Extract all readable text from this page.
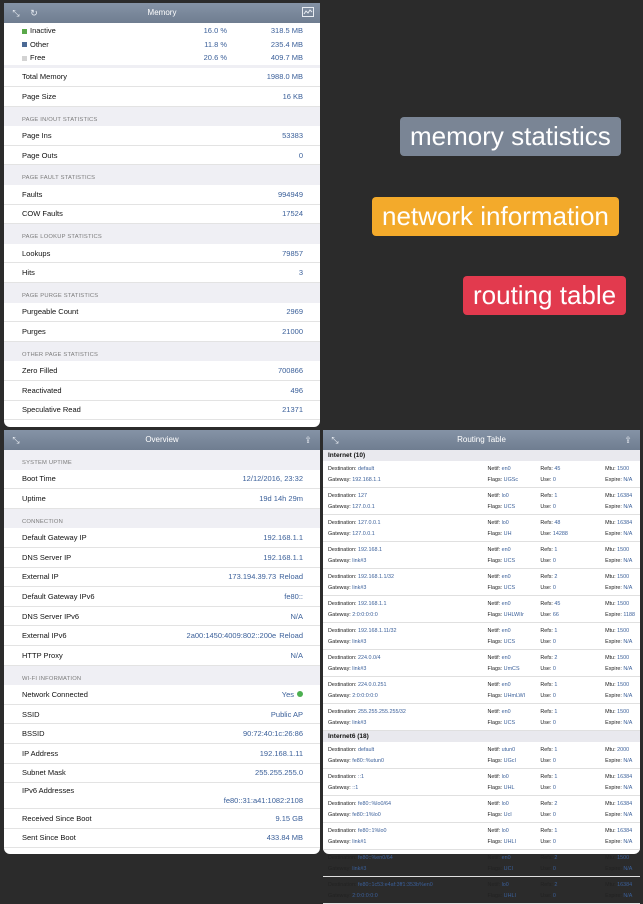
⤡ ↻	Memory
Inactive	16.0 %	318.5 MB
Other	11.8 %	235.4 MB
Free	20.6 %	409.7 MB
Total Memory	1988.0 MB
Page Size	16 KB
PAGE IN/OUT STATISTICS
Page Ins	53383
Page Outs	0
PAGE FAULT STATISTICS
Faults	994949
COW Faults	17524
PAGE LOOKUP STATISTICS
Lookups	79857
Hits	3
PAGE PURGE STATISTICS
Purgeable Count	2969
Purges	21000
OTHER PAGE STATISTICS
Zero Filled	700866
Reactivated	496
Speculative Read	21371
memory statistics
network information
routing table
⤡	Overview	⇪
SYSTEM UPTIME
Boot Time	12/12/2016, 23:32
Uptime	19d 14h 29m
CONNECTION
Default Gateway IP	192.168.1.1
DNS Server IP	192.168.1.1
External IP	173.194.39.73 Reload
Default Gateway IPv6	fe80::
DNS Server IPv6	N/A
External IPv6	2a00:1450:4009:802::200e Reload
HTTP Proxy	N/A
WI-FI INFORMATION
Network Connected	Yes
SSID	Public AP
BSSID	90:72:40:1c:26:86
IP Address	192.168.1.11
Subnet Mask	255.255.255.0
IPv6 Addresses
fe80::31:a41:1082:2108
Received Since Boot	9.15 GB
Sent Since Boot	433.84 MB
⤡	Routing Table	⇪
Internet (10)
Destination: default	Netif: en0	Refs: 45	Mtu: 1500
Gateway: 192.168.1.1	Flags: UGSc	Use: 0	Expire: N/A
Destination: 127	Netif: lo0	Refs: 1	Mtu: 16384
Gateway: 127.0.0.1	Flags: UCS	Use: 0	Expire: N/A
Destination: 127.0.0.1	Netif: lo0	Refs: 48	Mtu: 16384
Gateway: 127.0.0.1	Flags: UH	Use: 14288	Expire: N/A
Destination: 192.168.1	Netif: en0	Refs: 1	Mtu: 1500
Gateway: link#3	Flags: UCS	Use: 0	Expire: N/A
Destination: 192.168.1.1/32	Netif: en0	Refs: 2	Mtu: 1500
Gateway: link#3	Flags: UCS	Use: 0	Expire: N/A
Destination: 192.168.1.1	Netif: en0	Refs: 45	Mtu: 1500
Gateway: 2:0:0:0:0:0	Flags: UHLWIIr	Use: 66	Expire: 1188
Destination: 192.168.1.11/32	Netif: en0	Refs: 1	Mtu: 1500
Gateway: link#3	Flags: UCS	Use: 0	Expire: N/A
Destination: 224.0.0/4	Netif: en0	Refs: 2	Mtu: 1500
Gateway: link#3	Flags: UmCS	Use: 0	Expire: N/A
Destination: 224.0.0.251	Netif: en0	Refs: 1	Mtu: 1500
Gateway: 2:0:0:0:0:0	Flags: UHmLWI	Use: 0	Expire: N/A
Destination: 255.255.255.255/32	Netif: en0	Refs: 1	Mtu: 1500
Gateway: link#3	Flags: UCS	Use: 0	Expire: N/A
Internet6 (18)
Destination: default	Netif: utun0	Refs: 1	Mtu: 2000
Gateway: fe80::%utun0	Flags: UGcI	Use: 0	Expire: N/A
Destination: ::1	Netif: lo0	Refs: 1	Mtu: 16384
Gateway: ::1	Flags: UHL	Use: 0	Expire: N/A
Destination: fe80::%lo0/64	Netif: lo0	Refs: 2	Mtu: 16384
Gateway: fe80::1%lo0	Flags: UcI	Use: 0	Expire: N/A
Destination: fe80::1%lo0	Netif: lo0	Refs: 1	Mtu: 16384
Gateway: link#1	Flags: UHLI	Use: 0	Expire: N/A
Destination: fe80::%en0/64	Netif: en0	Refs: 2	Mtu: 1500
Gateway: link#3	Flags: UCI	Use: 0	Expire: N/A
Destination: fe80::1c53:e4af:3ff1:353b%en0	Netif: lo0	Refs: 2	Mtu: 16384
Gateway: 2:0:0:0:0:0	Flags: UHLI	Use: 0	Expire: N/A
